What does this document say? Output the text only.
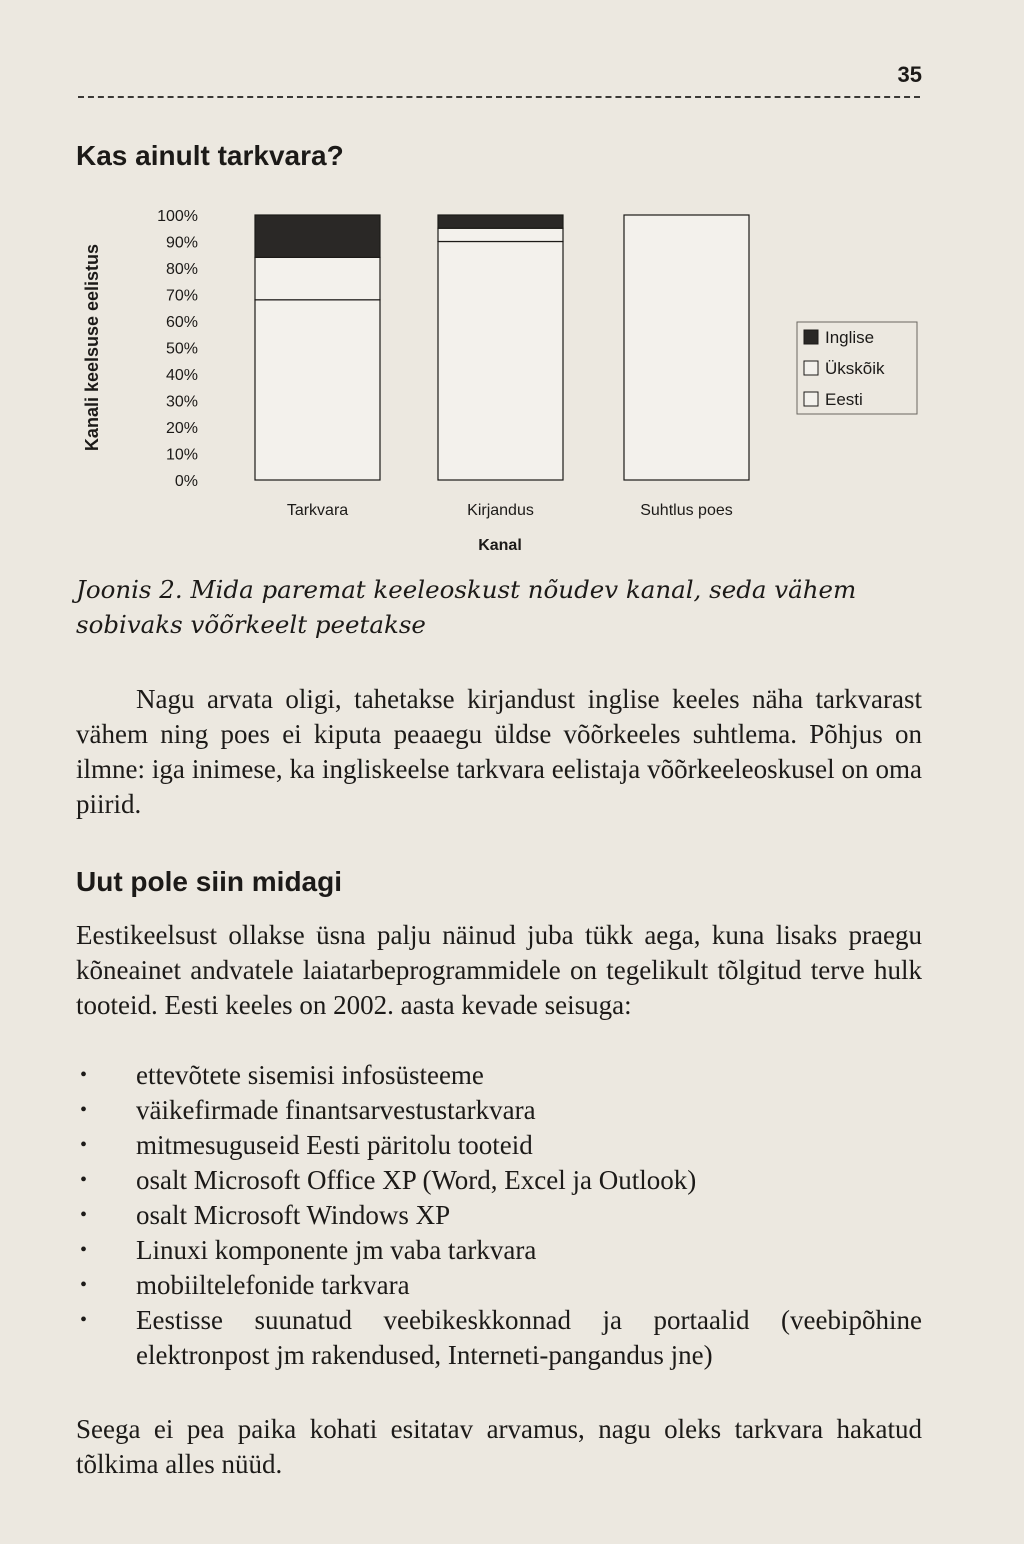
35
Kas ainult tarkvara?
0%
10%
20%
30%
40%
50%
60%
70%
80%
90%
100%
Kanali keelsuse eelistus
Tarkvara	Kirjandus	Suhtlus poes
Kanal
Inglise
Ükskõik
Eesti
Joonis 2. Mida paremat keeleoskust nõudev kanal, seda vähem sobivaks võõrkeelt peetakse
Nagu arvata oligi, tahetakse kirjandust inglise keeles näha tarkvarast vähem ning poes ei kiputa peaaegu üldse võõrkeeles suhtlema. Põhjus on ilmne: iga inimese, ka ingliskeelse tarkvara eelistaja võõrkeeleoskusel on oma piirid.
Uut pole siin midagi
Eestikeelsust ollakse üsna palju näinud juba tükk aega, kuna lisaks praegu kõneainet andvatele laiatarbeprogrammidele on tegelikult tõlgitud terve hulk tooteid. Eesti keeles on 2002. aasta kevade seisuga:
• ettevõtete sisemisi infosüsteeme
• väikefirmade finantsarvestustarkvara
• mitmesuguseid Eesti päritolu tooteid
• osalt Microsoft Office XP (Word, Excel ja Outlook)
• osalt Microsoft Windows XP
• Linuxi komponente jm vaba tarkvara
• mobiiltelefonide tarkvara
• Eestisse suunatud veebikeskkonnad ja portaalid (veebipõhine elektronpost jm rakendused, Interneti-pangandus jne)
Seega ei pea paika kohati esitatav arvamus, nagu oleks tarkvara hakatud tõlkima alles nüüd.
